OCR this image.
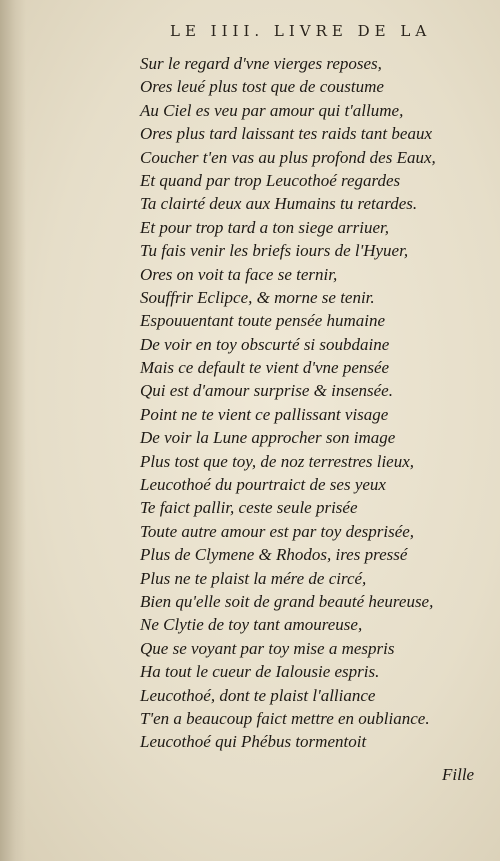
LE IIII. LIVRE DE LA
Sur le regard d'vne vierges reposes,
Ores leué plus tost que de coustume
Au Ciel es veu par amour qui t'allume,
Ores plus tard laissant tes raids tant beaux
Coucher t'en vas au plus profond des Eaux,
Et quand par trop Leucothoé regardes
Ta clairté deux aux Humains tu retardes.
Et pour trop tard a ton siege arriuer,
Tu fais venir les briefs iours de l'Hyuer,
Ores on voit ta face se ternir,
Souffrir Eclipce, & morne se tenir.
Espouuentant toute pensée humaine
De voir en toy obscurté si soubdaine
Mais ce default te vient d'vne pensée
Qui est d'amour surprise & insensée.
Point ne te vient ce pallissant visage
De voir la Lune approcher son image
Plus tost que toy, de noz terrestres lieux,
Leucothoé du pourtraict de ses yeux
Te faict pallir, ceste seule prisée
Toute autre amour est par toy desprisée,
Plus de Clymene & Rhodos, ires pressé
Plus ne te plaist la mére de circé,
Bien qu'elle soit de grand beauté heureuse,
Ne Clytie de toy tant amoureuse,
Que se voyant par toy mise a mespris
Ha tout le cueur de Ialousie espris.
Leucothoé, dont te plaist l'alliance
T'en a beaucoup faict mettre en oubliance.
Leucothoé qui Phébus tormentoit
Fille
